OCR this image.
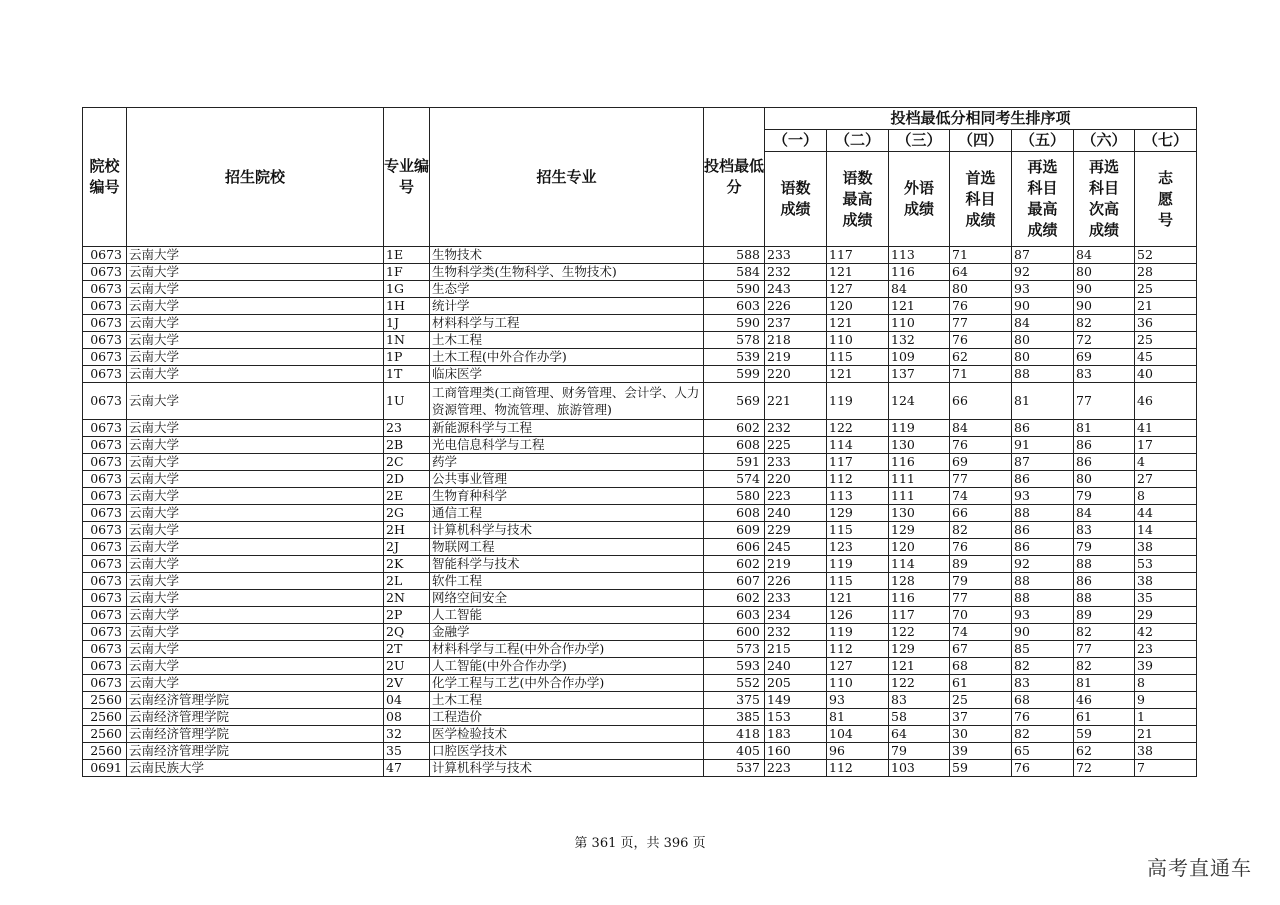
院校编号	招生院校	专业编号	招生专业	投档最低分	投档最低分相同考生排序项						
					（一）	（二）	（三）	（四）	（五）	（六）	（七）

					语数成绩	语数最高成绩	外语成绩	首选科目成绩	再选科目最高成绩	再选科目次高成绩	志愿号

0673	云南大学	1E	生物技术	588	233	117	113	71	87	84	52
0673	云南大学	1F	生物科学类(生物科学、生物技术)	584	232	121	116	64	92	80	28
0673	云南大学	1G	生态学	590	243	127	84	80	93	90	25
0673	云南大学	1H	统计学	603	226	120	121	76	90	90	21
0673	云南大学	1J	材料科学与工程	590	237	121	110	77	84	82	36
0673	云南大学	1N	土木工程	578	218	110	132	76	80	72	25
0673	云南大学	1P	土木工程(中外合作办学)	539	219	115	109	62	80	69	45
0673	云南大学	1T	临床医学	599	220	121	137	71	88	83	40
0673	云南大学	1U	工商管理类(工商管理、财务管理、会计学、人力资源管理、物流管理、旅游管理)	569	221	119	124	66	81	77	46
0673	云南大学	23	新能源科学与工程	602	232	122	119	84	86	81	41
0673	云南大学	2B	光电信息科学与工程	608	225	114	130	76	91	86	17
0673	云南大学	2C	药学	591	233	117	116	69	87	86	4
0673	云南大学	2D	公共事业管理	574	220	112	111	77	86	80	27
0673	云南大学	2E	生物育种科学	580	223	113	111	74	93	79	8
0673	云南大学	2G	通信工程	608	240	129	130	66	88	84	44
0673	云南大学	2H	计算机科学与技术	609	229	115	129	82	86	83	14
0673	云南大学	2J	物联网工程	606	245	123	120	76	86	79	38
0673	云南大学	2K	智能科学与技术	602	219	119	114	89	92	88	53
0673	云南大学	2L	软件工程	607	226	115	128	79	88	86	38
0673	云南大学	2N	网络空间安全	602	233	121	116	77	88	88	35
0673	云南大学	2P	人工智能	603	234	126	117	70	93	89	29
0673	云南大学	2Q	金融学	600	232	119	122	74	90	82	42
0673	云南大学	2T	材料科学与工程(中外合作办学)	573	215	112	129	67	85	77	23
0673	云南大学	2U	人工智能(中外合作办学)	593	240	127	121	68	82	82	39
0673	云南大学	2V	化学工程与工艺(中外合作办学)	552	205	110	122	61	83	81	8
2560	云南经济管理学院	04	土木工程	375	149	93	83	25	68	46	9
2560	云南经济管理学院	08	工程造价	385	153	81	58	37	76	61	1
2560	云南经济管理学院	32	医学检验技术	418	183	104	64	30	82	59	21
2560	云南经济管理学院	35	口腔医学技术	405	160	96	79	39	65	62	38
0691	云南民族大学	47	计算机科学与技术	537	223	112	103	59	76	72	7
第 361 页，共 396 页
高考直通车
